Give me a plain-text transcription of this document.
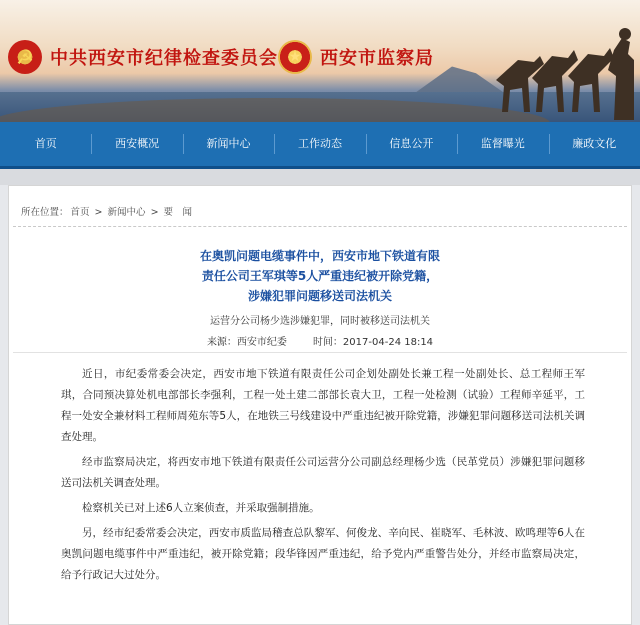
☭ 中共西安市纪律检查委员会 ★	西安市监察局
首页	西安概况	新闻中心	工作动态	信息公开	监督曝光	廉政文化
所在位置： 首页 > 新闻中心 > 要　闻
在奥凯问题电缆事件中，西安市地下铁道有限
责任公司王军琪等5人严重违纪被开除党籍，
涉嫌犯罪问题移送司法机关
运营分公司杨少选涉嫌犯罪，同时被移送司法机关
来源：西安市纪委	时间：2017-04-24 18:14

近日，市纪委常委会决定，西安市地下铁道有限责任公司企划处副处长兼工程一处副处长、总工程师王军琪，合同预决算处机电部部长李强利，工程一处土建二部部长袁大卫，工程一处检测（试验）工程师辛延平，工程一处安全兼材料工程师周苑东等5人，在地铁三号线建设中严重违纪被开除党籍，涉嫌犯罪问题移送司法机关调查处理。

经市监察局决定，将西安市地下铁道有限责任公司运营分公司副总经理杨少选（民革党员）涉嫌犯罪问题移送司法机关调查处理。

检察机关已对上述6人立案侦查，并采取强制措施。

另，经市纪委常委会决定，西安市质监局稽查总队黎军、何俊龙、辛向民、崔晓军、毛林波、欧鸣理等6人在奥凯问题电缆事件中严重违纪，被开除党籍；段华锋因严重违纪，给予党内严重警告处分，并经市监察局决定，给予行政记大过处分。
